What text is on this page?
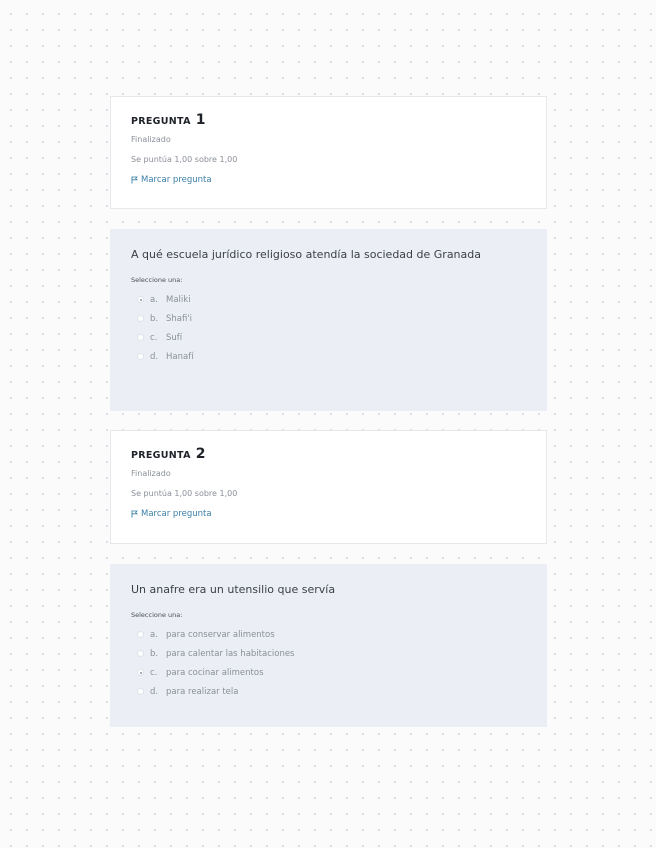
PREGUNTA 1
Finalizado
Se puntúa 1,00 sobre 1,00
Marcar pregunta
A qué escuela jurídico religioso atendía la sociedad de Granada
Seleccione una:
a. Maliki
b. Shafi'i
c.	Sufí
d. Hanafí
PREGUNTA 2
Finalizado
Se puntúa 1,00 sobre 1,00
Marcar pregunta
Un anafre era un utensilio que servía
Seleccione una:
a. para conservar alimentos
b. para calentar las habitaciones
c.	para cocinar alimentos
d. para realizar tela
